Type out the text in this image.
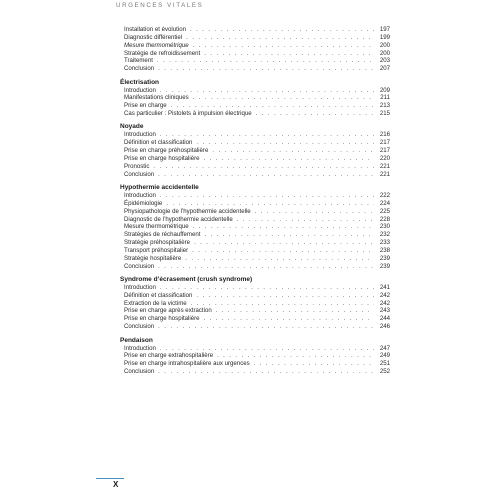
URGENCES VITALES
Installation et évolution . . .	197
Diagnostic différentiel . . .	199
Mesure thermométrique . . .	200
Stratégie de refroidissement . . .	200
Traitement . . .	203
Conclusion . . .	207
Électrisation
Introduction . . .	209
Manifestations cliniques . . .	211
Prise en charge . . .	213
Cas particulier : Pistolets à impulsion électrique . . .	215
Noyade
Introduction . . .	216
Définition et classification . . .	217
Prise en charge préhospitalière . . .	217
Prise en charge hospitalière . . .	220
Pronostic . . .	221
Conclusion . . .	221
Hypothermie accidentelle
Introduction . . .	222
Épidémiologie . . .	224
Physiopathologie de l’hypothermie accidentelle . . .	225
Diagnostic de l’hypothermie accidentelle . . .	228
Mesure thermométrique . . .	230
Stratégies de réchauffement . . .	232
Stratégie préhospitalière . . .	233
Transport préhospitalier . . .	238
Stratégie hospitalière . . .	239
Conclusion . . .	239
Syndrome d’écrasement (crush syndrome)
Introduction . . .	241
Définition et classification . . .	242
Extraction de la victime . . .	242
Prise en charge après extraction . . .	243
Prise en charge hospitalière . . .	244
Conclusion . . .	246
Pendaison
Introduction . . .	247
Prise en charge extrahospitalière . . .	249
Prise en charge intrahospitalière aux urgences . . .	251
Conclusion . . .	252
X
